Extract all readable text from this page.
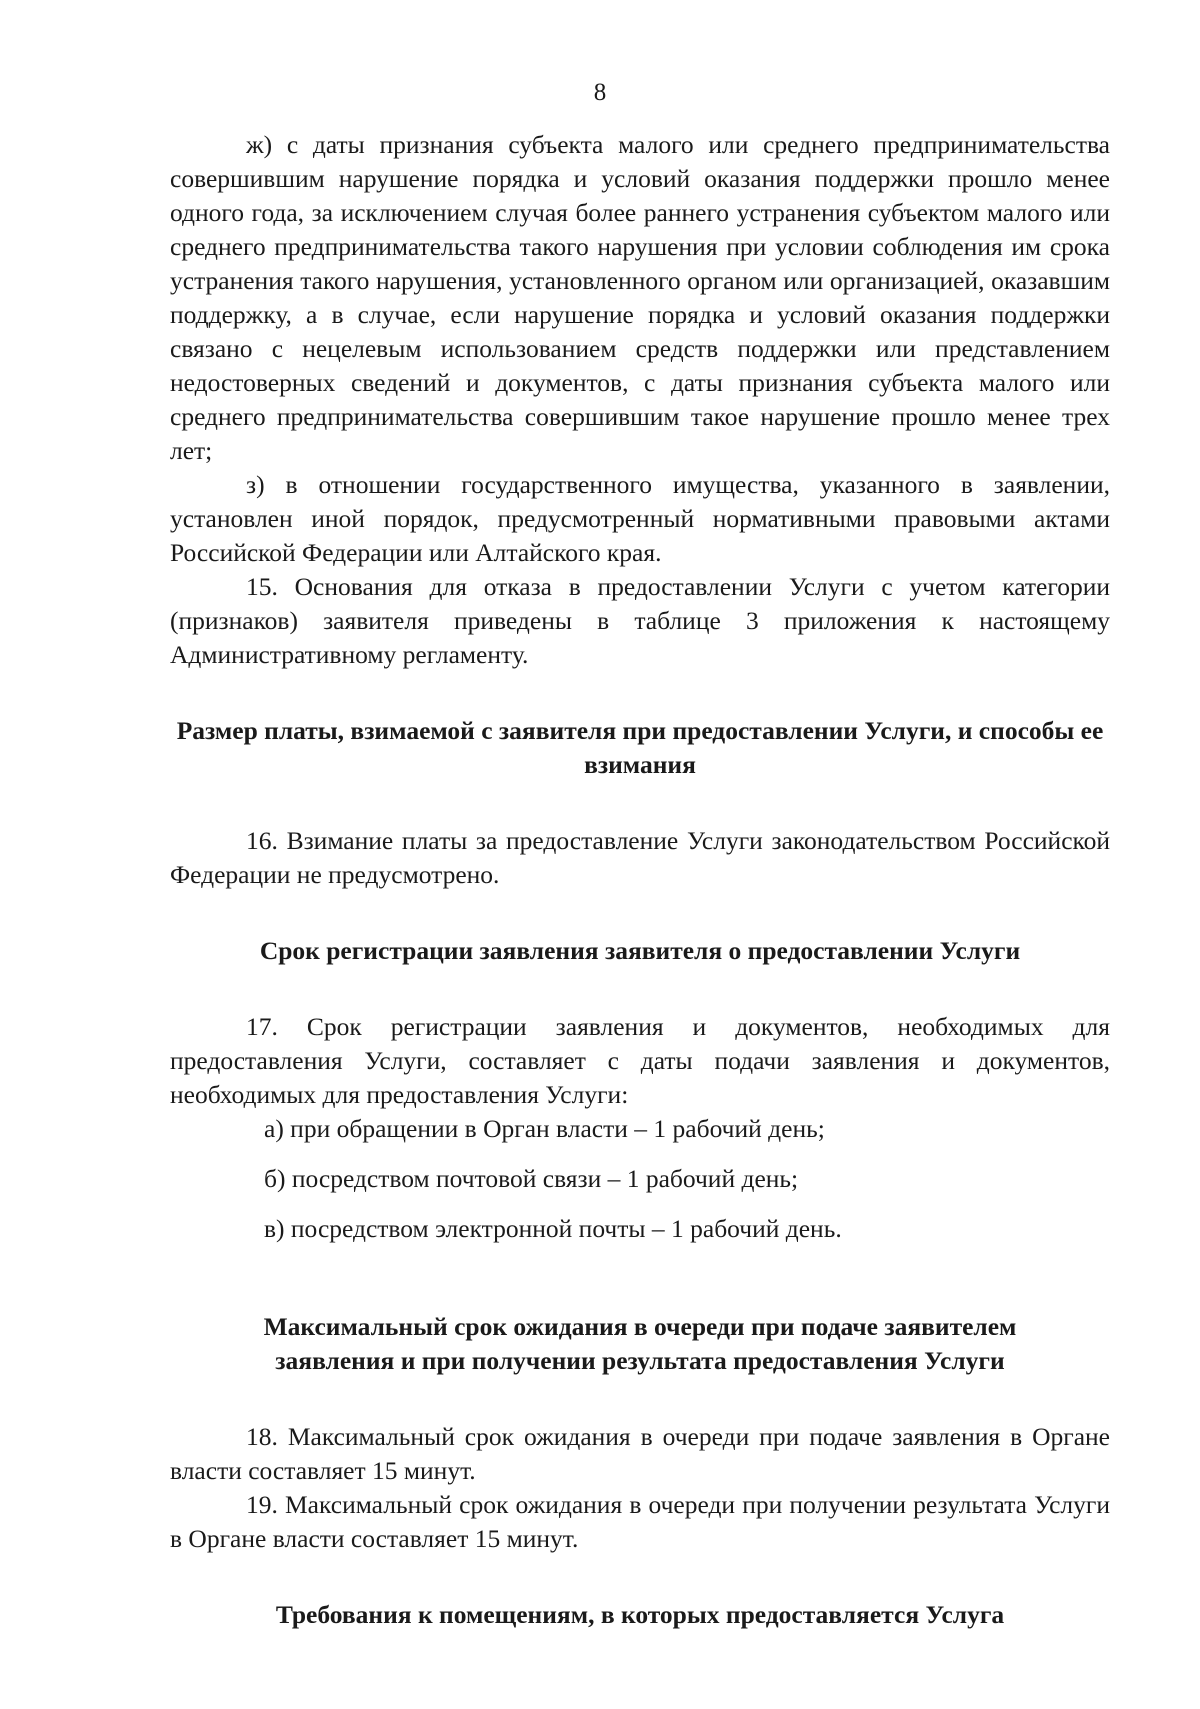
8

ж) с даты признания субъекта малого или среднего предпринимательства совершившим нарушение порядка и условий оказания поддержки прошло менее одного года, за исключением случая более раннего устранения субъектом малого или среднего предпринимательства такого нарушения при условии соблюдения им срока устранения такого нарушения, установленного органом или организацией, оказавшим поддержку, а в случае, если нарушение порядка и условий оказания поддержки связано с нецелевым использованием средств поддержки или представлением недостоверных сведений и документов, с даты признания субъекта малого или среднего предпринимательства совершившим такое нарушение прошло менее трех лет;

з) в отношении государственного имущества, указанного в заявлении, установлен иной порядок, предусмотренный нормативными правовыми актами Российской Федерации или Алтайского края.

15. Основания для отказа в предоставлении Услуги с учетом категории (признаков) заявителя приведены в таблице 3 приложения к настоящему Административному регламенту.

Размер платы, взимаемой с заявителя при предоставлении Услуги, и способы ее взимания

16. Взимание платы за предоставление Услуги законодательством Российской Федерации не предусмотрено.

Срок регистрации заявления заявителя о предоставлении Услуги

17. Срок регистрации заявления и документов, необходимых для предоставления Услуги, составляет с даты подачи заявления и документов, необходимых для предоставления Услуги:

а) при обращении в Орган власти – 1 рабочий день;

б) посредством почтовой связи – 1 рабочий день;

в) посредством электронной почты – 1 рабочий день.

Максимальный срок ожидания в очереди при подаче заявителем

заявления и при получении результата предоставления Услуги

18. Максимальный срок ожидания в очереди при подаче заявления в Органе власти составляет 15 минут.

19. Максимальный срок ожидания в очереди при получении результата Услуги в Органе власти составляет 15 минут.

Требования к помещениям, в которых предоставляется Услуга
